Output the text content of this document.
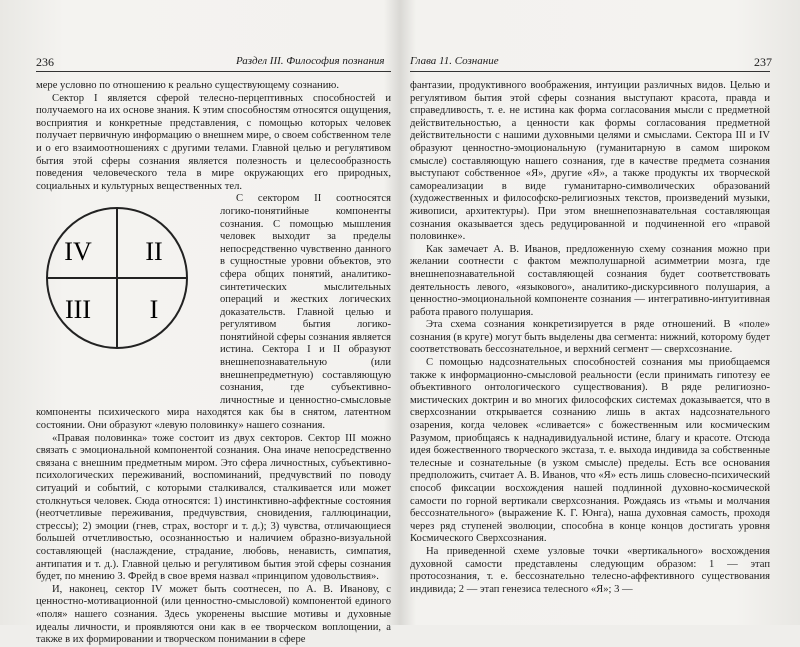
236	Раздел III. Философия познания

мере условно по отношению к реально существующему сознанию.

Сектор I является сферой телесно-перцептивных способностей и получаемого на их основе знания. К этим способностям относятся ощущения, восприятия и конкретные представления, с помощью которых человек получает первичную информацию о внешнем мире, о своем собственном теле и о его взаимоотношениях с другими телами. Главной целью и регулятивом бытия этой сферы сознания является полезность и целесообразность поведения человеческого тела в мире окружающих его природных, социальных и культурных вещественных тел.

IV II
III I

С сектором II соотносятся логико-понятийные компоненты сознания. С помощью мышления человек выходит за пределы непосредственно чувственно данного в сущностные уровни объектов, это сфера общих понятий, аналитико-синтетических мыслительных операций и жестких логических доказательств. Главной целью и регулятивом бытия логико-понятийной сферы сознания является истина. Сектора I и II образуют внешнепознавательную (или внешнепредметную) составляющую сознания, где субъективно-личностные и ценностно-смысловые компоненты психического мира находятся как бы в снятом, латентном состоянии. Они образуют «левую половинку» нашего сознания.

«Правая половинка» тоже состоит из двух секторов. Сектор III можно связать с эмоциональной компонентой сознания. Она иначе непосредственно связана с внешним предметным миром. Это сфера личностных, субъективно-психологических переживаний, воспоминаний, предчувствий по поводу ситуаций и событий, с которыми сталкивался, сталкивается или может столкнуться человек. Сюда относятся: 1) инстинктивно-аффектные состояния (неотчетливые переживания, предчувствия, сновидения, галлюцинации, стрессы); 2) эмоции (гнев, страх, восторг и т. д.); 3) чувства, отличающиеся большей отчетливостью, осознанностью и наличием образно-визуальной составляющей (наслаждение, страдание, любовь, ненависть, симпатия, антипатия и т. д.). Главной целью и регулятивом бытия этой сферы сознания будет, по мнению З. Фрейд в свое время назвал «принципом удовольствия».

И, наконец, сектор IV может быть соотнесен, по А. В. Иванову, с ценностно-мотивационной (или ценностно-смысловой) компонентой единого «поля» нашего сознания. Здесь укоренены высшие мотивы и духовные идеалы личности, и проявляются они как в ее творческом воплощении, а также в их формировании и творческом понимании в сфере

Глава 11. Сознание	237

фантазии, продуктивного воображения, интуиции различных видов. Целью и регулятивом бытия этой сферы сознания выступают красота, правда и справедливость, т. е. не истина как форма согласования мысли с предметной действительностью, а ценности как формы согласования предметной действительности с нашими духовными целями и смыслами. Сектора III и IV образуют ценностно-эмоциональную (гуманитарную в самом широком смысле) составляющую нашего сознания, где в качестве предмета сознания выступают собственное «Я», другие «Я», а также продукты их творческой самореализации в виде гуманитарно-символических образований (художественных и философско-религиозных текстов, произведений музыки, живописи, архитектуры). При этом внешнепознавательная составляющая сознания оказывается здесь редуцированной и подчиненной его «правой половинке».

Как замечает А. В. Иванов, предложенную схему сознания можно при желании соотнести с фактом межполушарной асимметрии мозга, где внешнепознавательной составляющей сознания будет соответствовать деятельность левого, «языкового», аналитико-дискурсивного полушария, а ценностно-эмоциональной компоненте сознания — интегративно-интуитивная работа правого полушария.

Эта схема сознания конкретизируется в ряде отношений. В «поле» сознания (в круге) могут быть выделены два сегмента: нижний, которому будет соответствовать бессознательное, и верхний сегмент — сверхсознание.

С помощью надсознательных способностей сознания мы приобщаемся также к информационно-смысловой реальности (если принимать гипотезу ее объективного онтологического существования). В ряде религиозно-мистических доктрин и во многих философских системах доказывается, что в сверхсознании открывается сознанию лишь в актах надсознательного озарения, когда человек «сливается» с божественным или космическим Разумом, приобщаясь к наднадивидуальной истине, благу и красоте. Отсюда идея божественного творческого экстаза, т. е. выхода индивида за собственные телесные и сознательные (в узком смысле) пределы. Есть все основания предположить, считает А. В. Иванов, что «Я» есть лишь словесно-психический способ фиксации восхождения нашей подлинной духовно-космической самости по горной вертикали сверхсознания. Рождаясь из «тьмы и молчания бессознательного» (выражение К. Г. Юнга), наша духовная самость, проходя через ряд ступеней эволюции, способна в конце концов достигать уровня Космического Сверхсознания.

На приведенной схеме узловые точки «вертикального» восхождения духовной самости представлены следующим образом: 1 — этап протосознания, т. е. бессознательно телесно-аффективного существования индивида; 2 — этап генезиса телесного «Я»; 3 —
